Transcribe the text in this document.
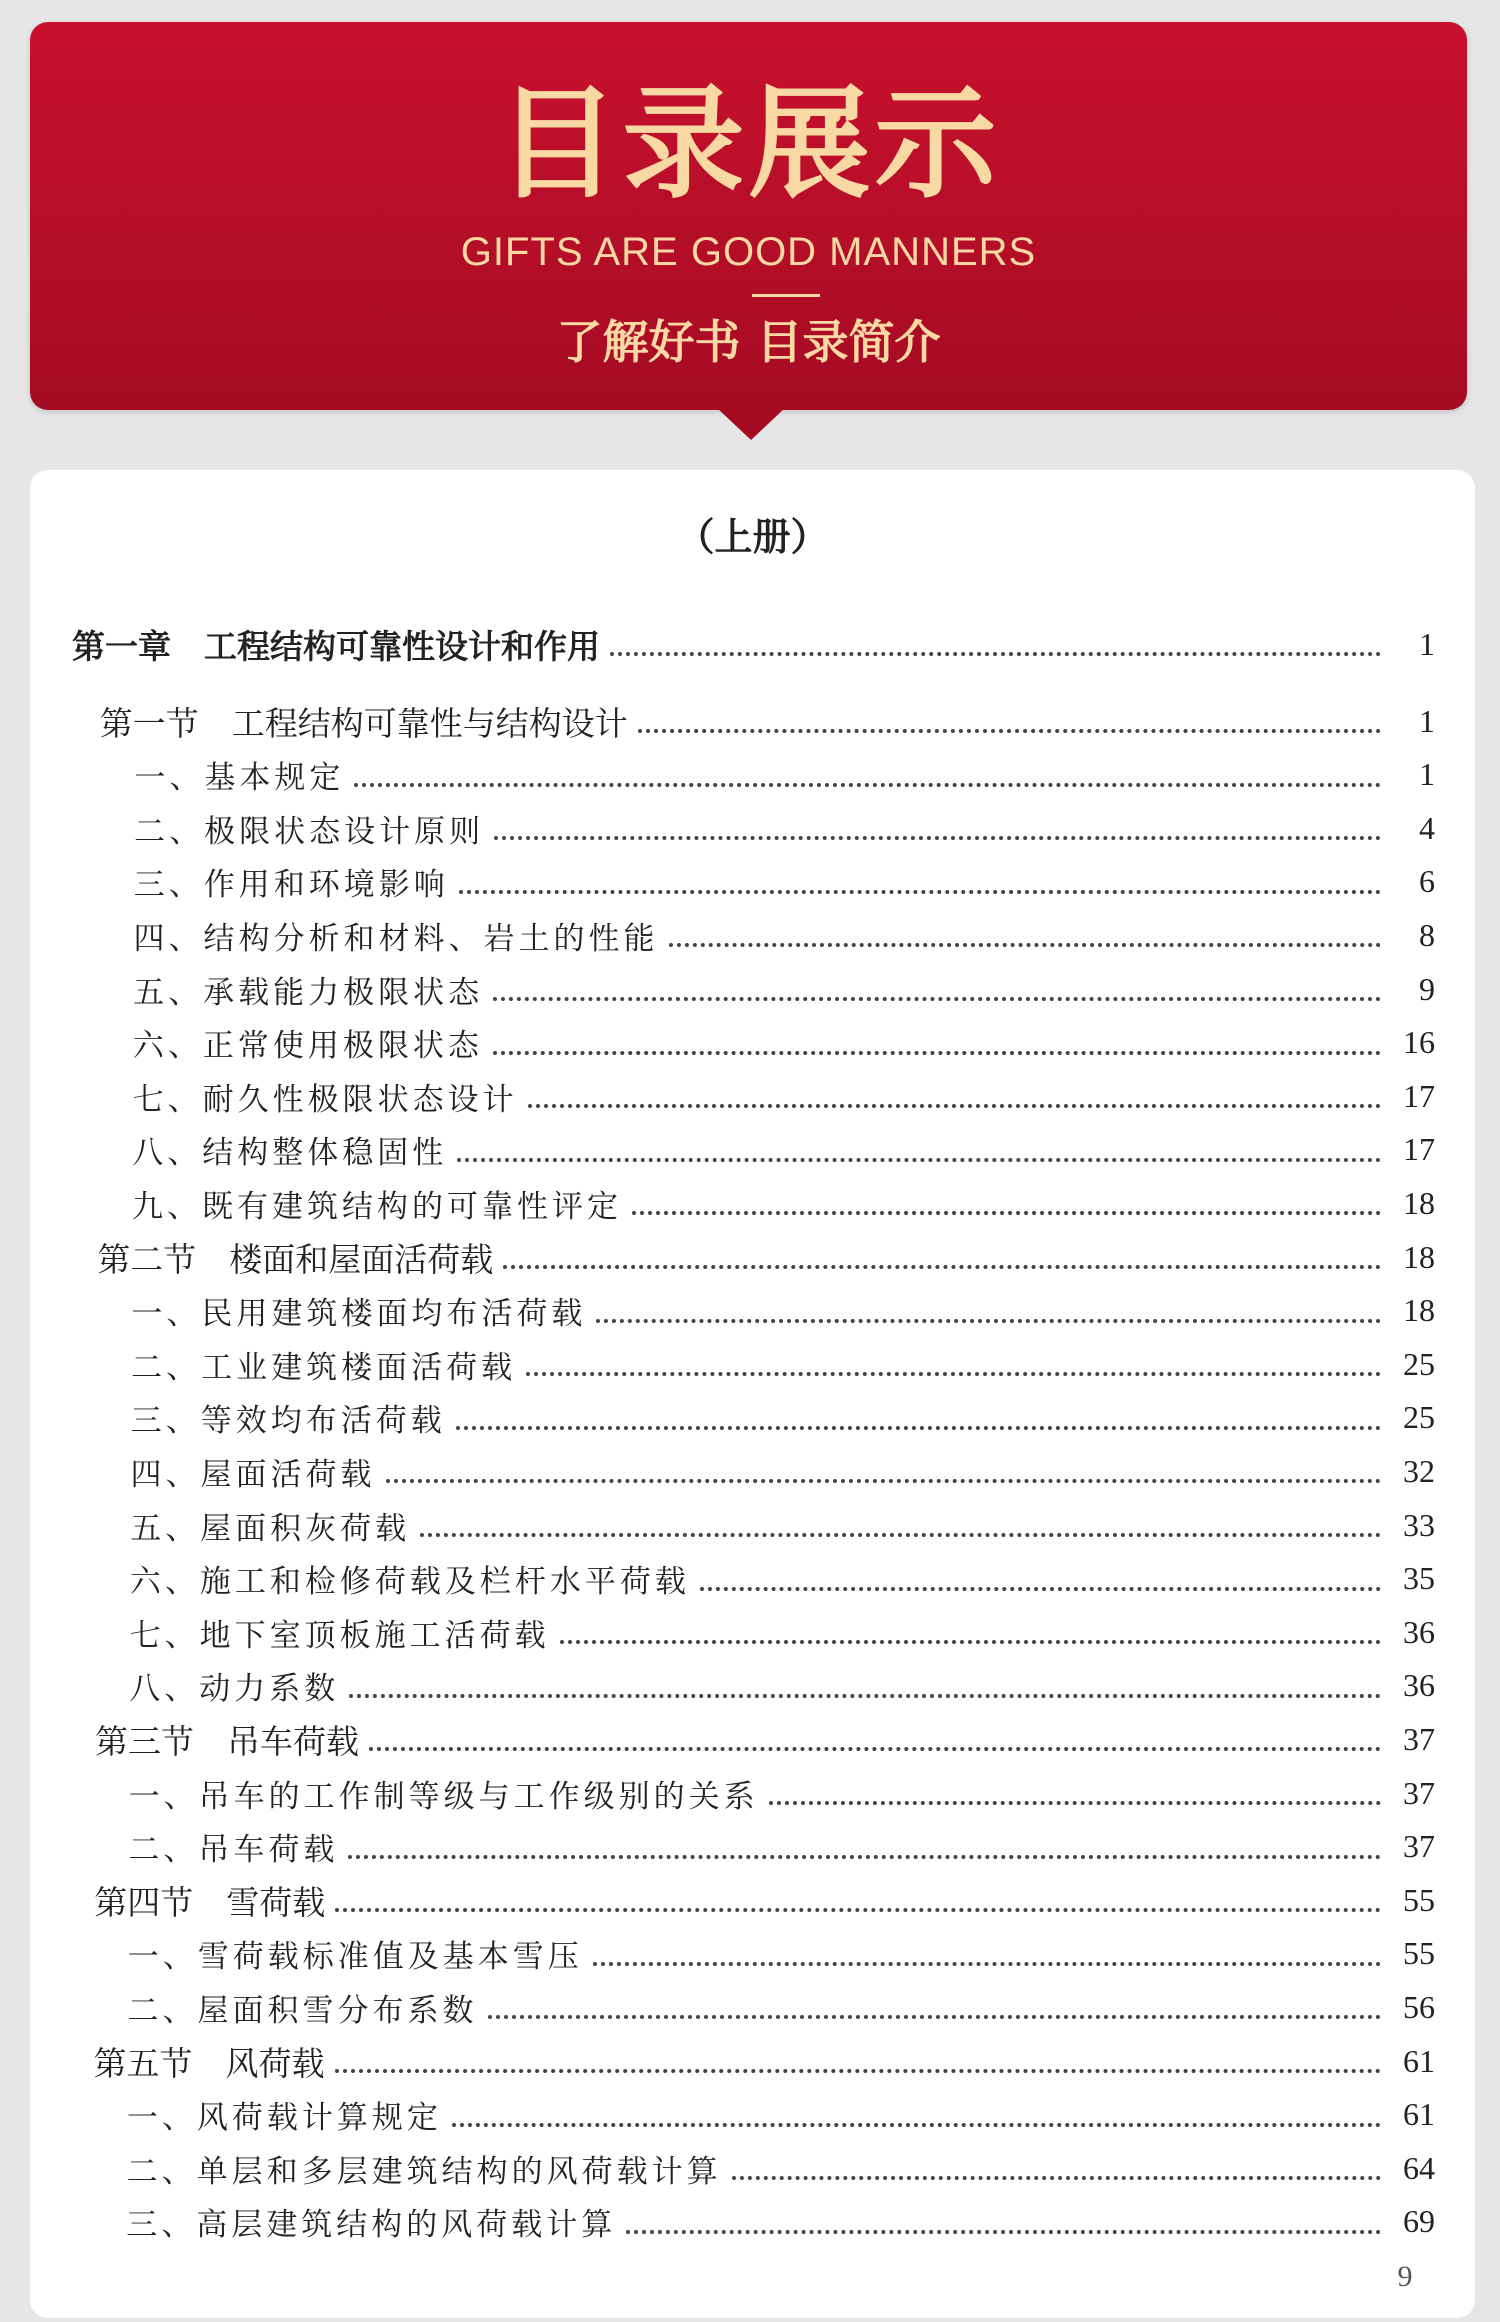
目录展示
GIFTS ARE GOOD MANNERS
了解好书 目录简介
（上册）
第一章　工程结构可靠性设计和作用	1
第一节　工程结构可靠性与结构设计	1
一、基本规定	1
二、极限状态设计原则	4
三、作用和环境影响	6
四、结构分析和材料、岩土的性能	8
五、承载能力极限状态	9
六、正常使用极限状态	16
七、耐久性极限状态设计	17
八、结构整体稳固性	17
九、既有建筑结构的可靠性评定	18
第二节　楼面和屋面活荷载	18
一、民用建筑楼面均布活荷载	18
二、工业建筑楼面活荷载	25
三、等效均布活荷载	25
四、屋面活荷载	32
五、屋面积灰荷载	33
六、施工和检修荷载及栏杆水平荷载	35
七、地下室顶板施工活荷载	36
八、动力系数	36
第三节　吊车荷载	37
一、吊车的工作制等级与工作级别的关系	37
二、吊车荷载	37
第四节　雪荷载	55
一、雪荷载标准值及基本雪压	55
二、屋面积雪分布系数	56
第五节　风荷载	61
一、风荷载计算规定	61
二、单层和多层建筑结构的风荷载计算	64
三、高层建筑结构的风荷载计算	69
9
